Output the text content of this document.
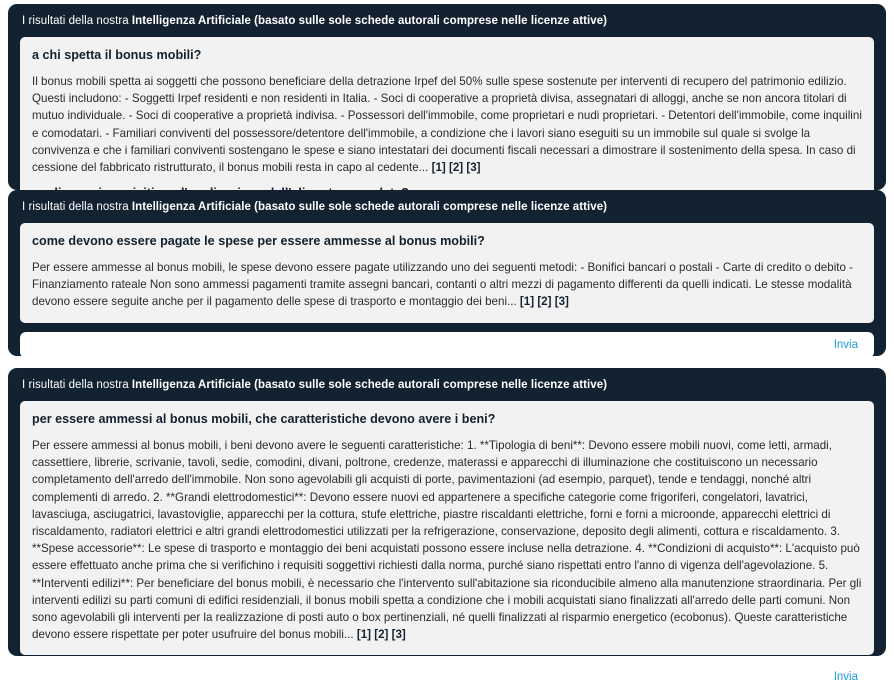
I risultati della nostra Intelligenza Artificiale (basato sulle sole schede autorali comprese nelle licenze attive)

a chi spetta il bonus mobili?

Il bonus mobili spetta ai soggetti che possono beneficiare della detrazione Irpef del 50% sulle spese sostenute per interventi di recupero del patrimonio edilizio. Questi includono: - Soggetti Irpef residenti e non residenti in Italia. - Soci di cooperative a proprietà divisa, assegnatari di alloggi, anche se non ancora titolari di mutuo individuale. - Soci di cooperative a proprietà indivisa. - Possessori dell'immobile, come proprietari e nudi proprietari. - Detentori dell'immobile, come inquilini e comodatari. - Familiari conviventi del possessore/detentore dell'immobile, a condizione che i lavori siano eseguiti su un immobile sul quale si svolge la convivenza e che i familiari conviventi sostengano le spese e siano intestatari dei documenti fiscali necessari a dimostrare il sostenimento della spesa. In caso di cessione del fabbricato ristrutturato, il bonus mobili resta in capo al cedente... [1] [2] [3]

I risultati della nostra Intelligenza Artificiale (basato sulle sole schede autorali comprese nelle licenze attive)

come devono essere pagate le spese per essere ammesse al bonus mobili?

Per essere ammesse al bonus mobili, le spese devono essere pagate utilizzando uno dei seguenti metodi: - Bonifici bancari o postali - Carte di credito o debito - Finanziamento rateale Non sono ammessi pagamenti tramite assegni bancari, contanti o altri mezzi di pagamento differenti da quelli indicati. Le stesse modalità devono essere seguite anche per il pagamento delle spese di trasporto e montaggio dei beni... [1] [2] [3]

Invia
I risultati della nostra Intelligenza Artificiale (basato sulle sole schede autorali comprese nelle licenze attive)

per essere ammessi al bonus mobili, che caratteristiche devono avere i beni?

Per essere ammessi al bonus mobili, i beni devono avere le seguenti caratteristiche: 1. **Tipologia di beni**: Devono essere mobili nuovi, come letti, armadi, cassettiere, librerie, scrivanie, tavoli, sedie, comodini, divani, poltrone, credenze, materassi e apparecchi di illuminazione che costituiscono un necessario completamento dell'arredo dell'immobile. Non sono agevolabili gli acquisti di porte, pavimentazioni (ad esempio, parquet), tende e tendaggi, nonché altri complementi di arredo. 2. **Grandi elettrodomestici**: Devono essere nuovi ed appartenere a specifiche categorie come frigoriferi, congelatori, lavatrici, lavasciuga, asciugatrici, lavastoviglie, apparecchi per la cottura, stufe elettriche, piastre riscaldanti elettriche, forni e forni a microonde, apparecchi elettrici di riscaldamento, radiatori elettrici e altri grandi elettrodomestici utilizzati per la refrigerazione, conservazione, deposito degli alimenti, cottura e riscaldamento. 3. **Spese accessorie**: Le spese di trasporto e montaggio dei beni acquistati possono essere incluse nella detrazione. 4. **Condizioni di acquisto**: L'acquisto può essere effettuato anche prima che si verifichino i requisiti soggettivi richiesti dalla norma, purché siano rispettati entro l'anno di vigenza dell'agevolazione. 5. **Interventi edilizi**: Per beneficiare del bonus mobili, è necessario che l'intervento sull'abitazione sia riconducibile almeno alla manutenzione straordinaria. Per gli interventi edilizi su parti comuni di edifici residenziali, il bonus mobili spetta a condizione che i mobili acquistati siano finalizzati all'arredo delle parti comuni. Non sono agevolabili gli interventi per la realizzazione di posti auto o box pertinenziali, né quelli finalizzati al risparmio energetico (ecobonus). Queste caratteristiche devono essere rispettate per poter usufruire del bonus mobili... [1] [2] [3]

Invia
